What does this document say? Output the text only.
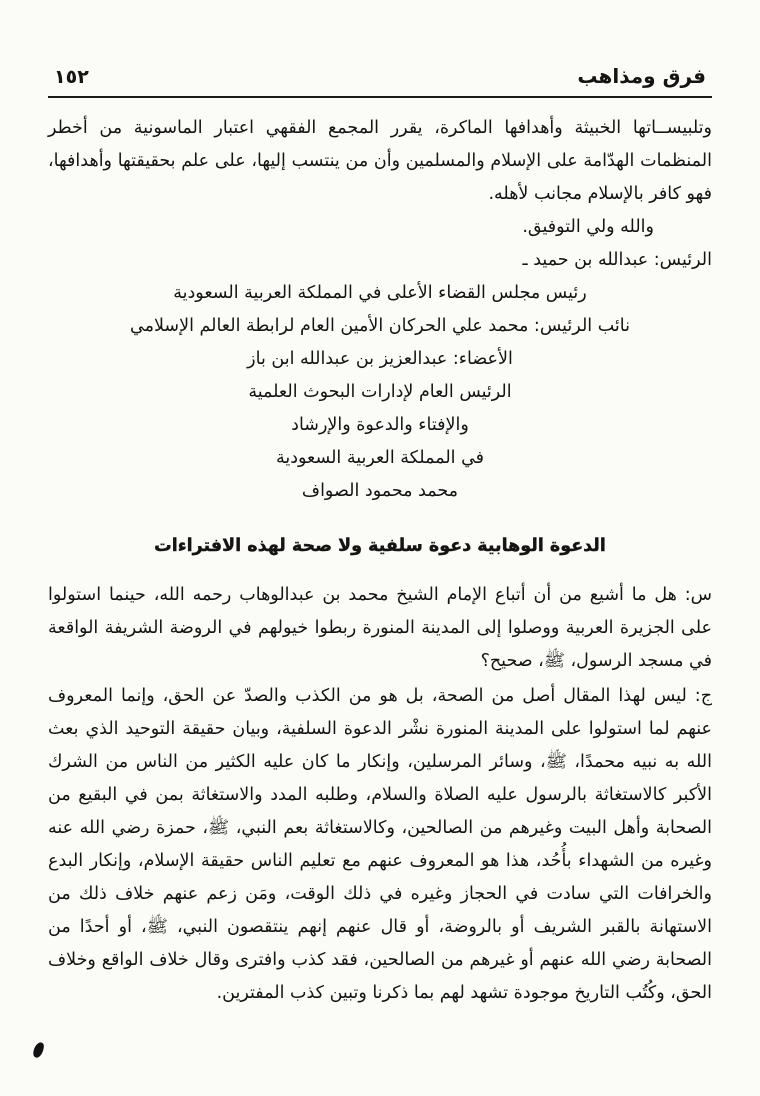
١٥٢	فرق ومذاهب

وتلبيســاتها الخبيثة وأهدافها الماكرة، يقرر المجمع الفقهي اعتبار الماسونية من أخطر المنظمات الهدّامة على الإسلام والمسلمين وأن من ينتسب إليها، على علم بحقيقتها وأهدافها، فهو كافر بالإسلام مجانب لأهله.

والله ولي التوفيق.

الرئيس: عبدالله بن حميد ـ

رئيس مجلس القضاء الأعلى في المملكة العربية السعودية

نائب الرئيس: محمد علي الحركان الأمين العام لرابطة العالم الإسلامي

الأعضاء: عبدالعزيز بن عبدالله ابن باز

الرئيس العام لإدارات البحوث العلمية

والإفتاء والدعوة والإرشاد

في المملكة العربية السعودية

محمد محمود الصواف

الدعوة الوهابية دعوة سلفية ولا صحة لهذه الافتراءات

س: هل ما أشيع من أن أتباع الإمام الشيخ محمد بن عبدالوهاب رحمه الله، حينما استولوا على الجزيرة العربية ووصلوا إلى المدينة المنورة ربطوا خيولهم في الروضة الشريفة الواقعة في مسجد الرسول، ﷺ، صحيح؟

ج: ليس لهذا المقال أصل من الصحة، بل هو من الكذب والصدّ عن الحق، وإنما المعروف عنهم لما استولوا على المدينة المنورة نشْر الدعوة السلفية، وبيان حقيقة التوحيد الذي بعث الله به نبيه محمدًا، ﷺ، وسائر المرسلين، وإنكار ما كان عليه الكثير من الناس من الشرك الأكبر كالاستغاثة بالرسول عليه الصلاة والسلام، وطلبه المدد والاستغاثة بمن في البقيع من الصحابة وأهل البيت وغيرهم من الصالحين، وكالاستغاثة بعم النبي، ﷺ، حمزة رضي الله عنه وغيره من الشهداء بأُحُد، هذا هو المعروف عنهم مع تعليم الناس حقيقة الإسلام، وإنكار البدع والخرافات التي سادت في الحجاز وغيره في ذلك الوقت، ومَن زعم عنهم خلاف ذلك من الاستهانة بالقبر الشريف أو بالروضة، أو قال عنهم إنهم ينتقصون النبي، ﷺ، أو أحدًا من الصحابة رضي الله عنهم أو غيرهم من الصالحين، فقد كذب وافترى وقال خلاف الواقع وخلاف الحق، وكُتُب التاريخ موجودة تشهد لهم بما ذكرنا وتبين كذب المفترين.
